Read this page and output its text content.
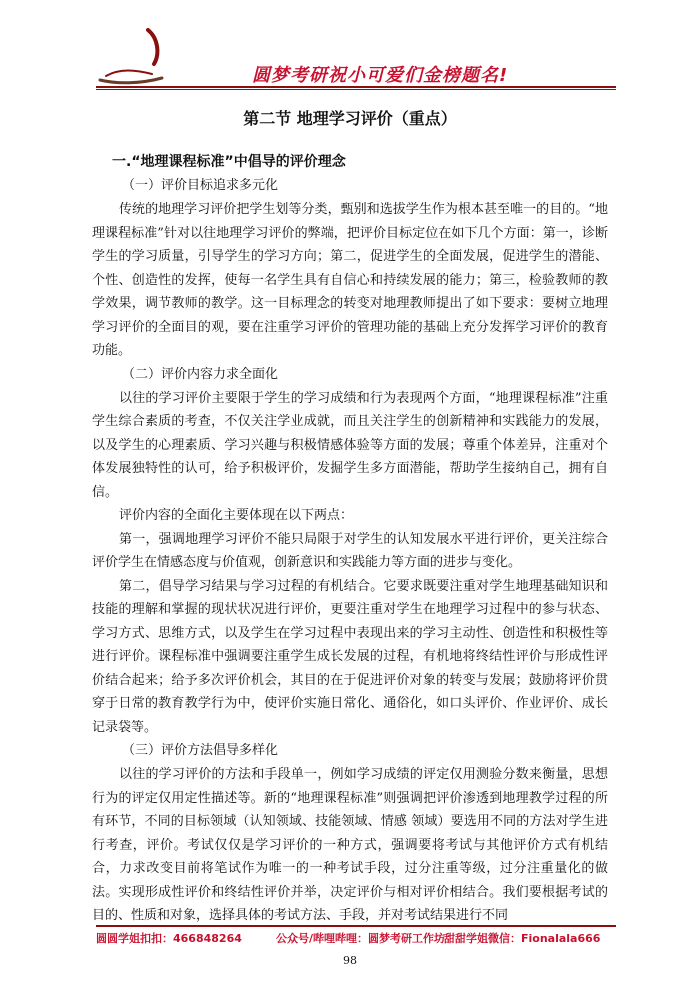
圆梦考研祝小可爱们金榜题名!
第二节 地理学习评价（重点）
一.“地理课程标准”中倡导的评价理念
（一）评价目标追求多元化
传统的地理学习评价把学生划等分类，甄别和选拔学生作为根本甚至唯一的目的。“地理课程标准”针对以往地理学习评价的弊端，把评价目标定位在如下几个方面：第一，诊断学生的学习质量，引导学生的学习方向；第二，促进学生的全面发展，促进学生的潜能、个性、创造性的发挥，使每一名学生具有自信心和持续发展的能力；第三，检验教师的教学效果，调节教师的教学。这一目标理念的转变对地理教师提出了如下要求：要树立地理学习评价的全面目的观，要在注重学习评价的管理功能的基础上充分发挥学习评价的教育功能。
（二）评价内容力求全面化
以往的学习评价主要限于学生的学习成绩和行为表现两个方面，“地理课程标准”注重学生综合素质的考查，不仅关注学业成就，而且关注学生的创新精神和实践能力的发展，以及学生的心理素质、学习兴趣与积极情感体验等方面的发展；尊重个体差异，注重对个体发展独特性的认可，给予积极评价，发掘学生多方面潜能，帮助学生接纳自己，拥有自信。
评价内容的全面化主要体现在以下两点：
第一，强调地理学习评价不能只局限于对学生的认知发展水平进行评价，更关注综合评价学生在情感态度与价值观，创新意识和实践能力等方面的进步与变化。
第二，倡导学习结果与学习过程的有机结合。它要求既要注重对学生地理基础知识和技能的理解和掌握的现状状况进行评价，更要注重对学生在地理学习过程中的参与状态、学习方式、思维方式，以及学生在学习过程中表现出来的学习主动性、创造性和积极性等进行评价。课程标准中强调要注重学生成长发展的过程，有机地将终结性评价与形成性评价结合起来；给予多次评价机会，其目的在于促进评价对象的转变与发展；鼓励将评价贯穿于日常的教育教学行为中，使评价实施日常化、通俗化，如口头评价、作业评价、成长记录袋等。
（三）评价方法倡导多样化
以往的学习评价的方法和手段单一，例如学习成绩的评定仅用测验分数来衡量，思想行为的评定仅用定性描述等。新的“地理课程标准”则强调把评价渗透到地理教学过程的所有环节，不同的目标领域（认知领域、技能领域、情感 领域）要选用不同的方法对学生进行考查，评价。考试仅仅是学习评价的一种方式，强调要将考试与其他评价方式有机结合，力求改变目前将笔试作为唯一的一种考试手段，过分注重等级，过分注重量化的做法。实现形成性评价和终结性评价并举，决定评价与相对评价相结合。我们要根据考试的目的、性质和对象，选择具体的考试方法、手段，并对考试结果进行不同
圆圆学姐扣扣：466848264	公众号/哔哩哔哩：圆梦考研工作坊
甜甜学姐微信：Fionalala666
98
